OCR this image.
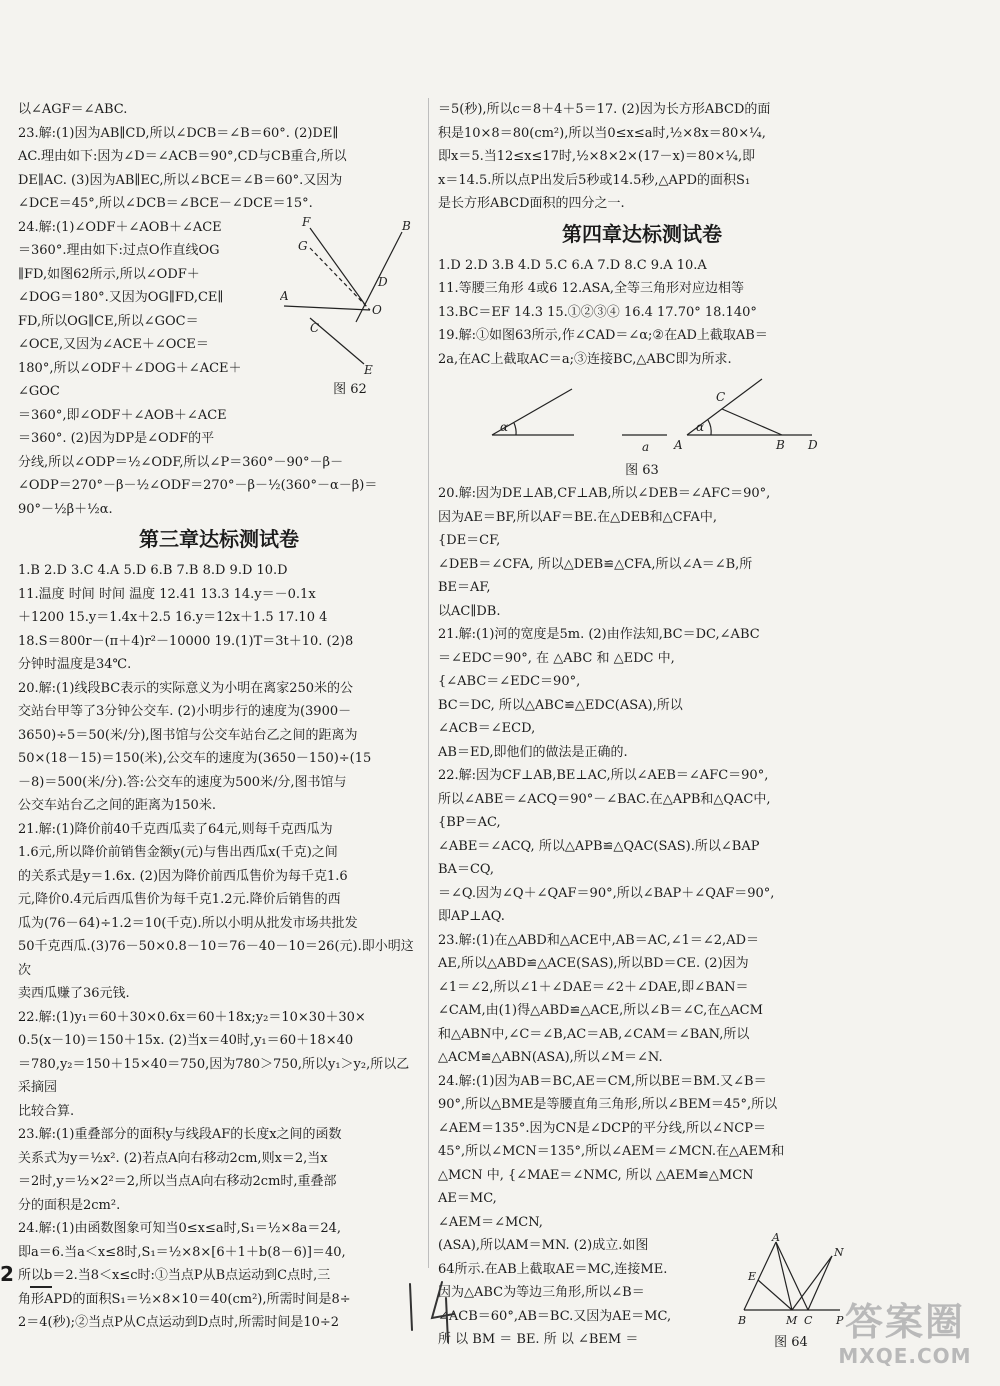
以∠AGF＝∠ABC.

23.解:(1)因为AB∥CD,所以∠DCB＝∠B＝60°. (2)DE∥

AC.理由如下:因为∠D＝∠ACB＝90°,CD与CB重合,所以

DE∥AC. (3)因为AB∥EC,所以∠BCE＝∠B＝60°.又因为

∠DCE＝45°,所以∠DCB＝∠BCE－∠DCE＝15°.

F	B
G
D
A
C
O
E
图 62

24.解:(1)∠ODF＋∠AOB＋∠ACE

＝360°.理由如下:过点O作直线OG

∥FD,如图62所示,所以∠ODF＋

∠DOG＝180°.又因为OG∥FD,CE∥

FD,所以OG∥CE,所以∠GOC＝

∠OCE,又因为∠ACE＋∠OCE＝

180°,所以∠ODF＋∠DOG＋∠ACE＋∠GOC

＝360°,即∠ODF＋∠AOB＋∠ACE

＝360°. (2)因为DP是∠ODF的平

分线,所以∠ODP＝½∠ODF,所以∠P＝360°－90°－β－

∠ODP＝270°－β－½∠ODF＝270°－β－½(360°－α－β)＝

90°－½β＋½α.

第三章达标测试卷

1.B 2.D 3.C 4.A 5.D 6.B 7.B 8.D 9.D 10.D

11.温度 时间 时间 温度 12.41 13.3 14.y＝－0.1x

＋1200 15.y＝1.4x＋2.5 16.y＝12x＋1.5 17.10 4

18.S＝800r－(π＋4)r²－10000 19.(1)T＝3t＋10. (2)8

分钟时温度是34℃.

20.解:(1)线段BC表示的实际意义为小明在离家250米的公

交站台甲等了3分钟公交车. (2)小明步行的速度为(3900－

3650)÷5＝50(米/分),图书馆与公交车站台乙之间的距离为

50×(18－15)＝150(米),公交车的速度为(3650－150)÷(15

－8)＝500(米/分).答:公交车的速度为500米/分,图书馆与

公交车站台乙之间的距离为150米.

21.解:(1)降价前40千克西瓜卖了64元,则每千克西瓜为

1.6元,所以降价前销售金额y(元)与售出西瓜x(千克)之间

的关系式是y＝1.6x. (2)因为降价前西瓜售价为每千克1.6

元,降价0.4元后西瓜售价为每千克1.2元.降价后销售的西

瓜为(76－64)÷1.2＝10(千克).所以小明从批发市场共批发

50千克西瓜.(3)76－50×0.8－10＝76－40－10＝26(元).即小明这次

卖西瓜赚了36元钱.

22.解:(1)y₁＝60＋30×0.6x＝60＋18x;y₂＝10×30＋30×

0.5(x－10)＝150＋15x. (2)当x＝40时,y₁＝60＋18×40

＝780,y₂＝150＋15×40＝750,因为780＞750,所以y₁＞y₂,所以乙采摘园

比较合算.

23.解:(1)重叠部分的面积y与线段AF的长度x之间的函数

关系式为y＝½x². (2)若点A向右移动2cm,则x＝2,当x

＝2时,y＝½×2²＝2,所以当点A向右移动2cm时,重叠部

分的面积是2cm².

24.解:(1)由函数图象可知当0≤x≤a时,S₁＝½×8a＝24,

即a＝6.当a＜x≤8时,S₁＝½×8×[6＋1＋b(8－6)]＝40,

所以b＝2.当8＜x≤c时:①当点P从B点运动到C点时,三

角形APD的面积S₁＝½×8×10＝40(cm²),所需时间是8÷

2＝4(秒);②当点P从C点运动到D点时,所需时间是10÷2

＝5(秒),所以c＝8＋4＋5＝17. (2)因为长方形ABCD的面

积是10×8＝80(cm²),所以当0≤x≤a时,½×8x＝80×¼,

即x＝5.当12≤x≤17时,½×8×2×(17－x)＝80×¼,即

x＝14.5.所以点P出发后5秒或14.5秒,△APD的面积S₁

是长方形ABCD面积的四分之一.

第四章达标测试卷

1.D 2.D 3.B 4.D 5.C 6.A 7.D 8.C 9.A 10.A

11.等腰三角形 4或6 12.ASA,全等三角形对应边相等

13.BC＝EF 14.3 15.①②③④ 16.4 17.70° 18.140°

19.解:①如图63所示,作∠CAD＝∠α;②在AD上截取AB＝

2a,在AC上截取AC＝a;③连接BC,△ABC即为所求.

α
a A
α
C
B D
图 63

20.解:因为DE⊥AB,CF⊥AB,所以∠DEB＝∠AFC＝90°,

因为AE＝BF,所以AF＝BE.在△DEB和△CFA中,

{DE＝CF,

∠DEB＝∠CFA, 所以△DEB≌△CFA,所以∠A＝∠B,所

BE＝AF,

以AC∥DB.

21.解:(1)河的宽度是5m. (2)由作法知,BC＝DC,∠ABC

＝∠EDC＝90°, 在 △ABC 和 △EDC 中,

{∠ABC＝∠EDC＝90°,

BC＝DC, 所以△ABC≌△EDC(ASA),所以

∠ACB＝∠ECD,

AB＝ED,即他们的做法是正确的.

22.解:因为CF⊥AB,BE⊥AC,所以∠AEB＝∠AFC＝90°,

所以∠ABE＝∠ACQ＝90°－∠BAC.在△APB和△QAC中,

{BP＝AC,

∠ABE＝∠ACQ, 所以△APB≌△QAC(SAS).所以∠BAP

BA＝CQ,

＝∠Q.因为∠Q＋∠QAF＝90°,所以∠BAP＋∠QAF＝90°,

即AP⊥AQ.

23.解:(1)在△ABD和△ACE中,AB＝AC,∠1＝∠2,AD＝

AE,所以△ABD≌△ACE(SAS),所以BD＝CE. (2)因为

∠1＝∠2,所以∠1＋∠DAE＝∠2＋∠DAE,即∠BAN＝

∠CAM,由(1)得△ABD≌△ACE,所以∠B＝∠C,在△ACM

和△ABN中,∠C＝∠B,AC＝AB,∠CAM＝∠BAN,所以

△ACM≌△ABN(ASA),所以∠M＝∠N.

24.解:(1)因为AB＝BC,AE＝CM,所以BE＝BM.又∠B＝

90°,所以△BME是等腰直角三角形,所以∠BEM＝45°,所以

∠AEM＝135°.因为CN是∠DCP的平分线,所以∠NCP＝

45°,所以∠MCN＝135°,所以∠AEM＝∠MCN.在△AEM和

△MCN 中, {∠MAE＝∠NMC, 所以 △AEM≌△MCN

AE＝MC,

∠AEM＝∠MCN,

A
N
E
B	M C P
图 64

(ASA),所以AM＝MN. (2)成立.如图

64所示.在AB上截取AE＝MC,连接ME.

因为△ABC为等边三角形,所以∠B＝

∠ACB＝60°,AB＝BC.又因为AE＝MC,

所 以 BM ＝ BE. 所 以 ∠BEM ＝

2
答案圈
MXQE.COM
